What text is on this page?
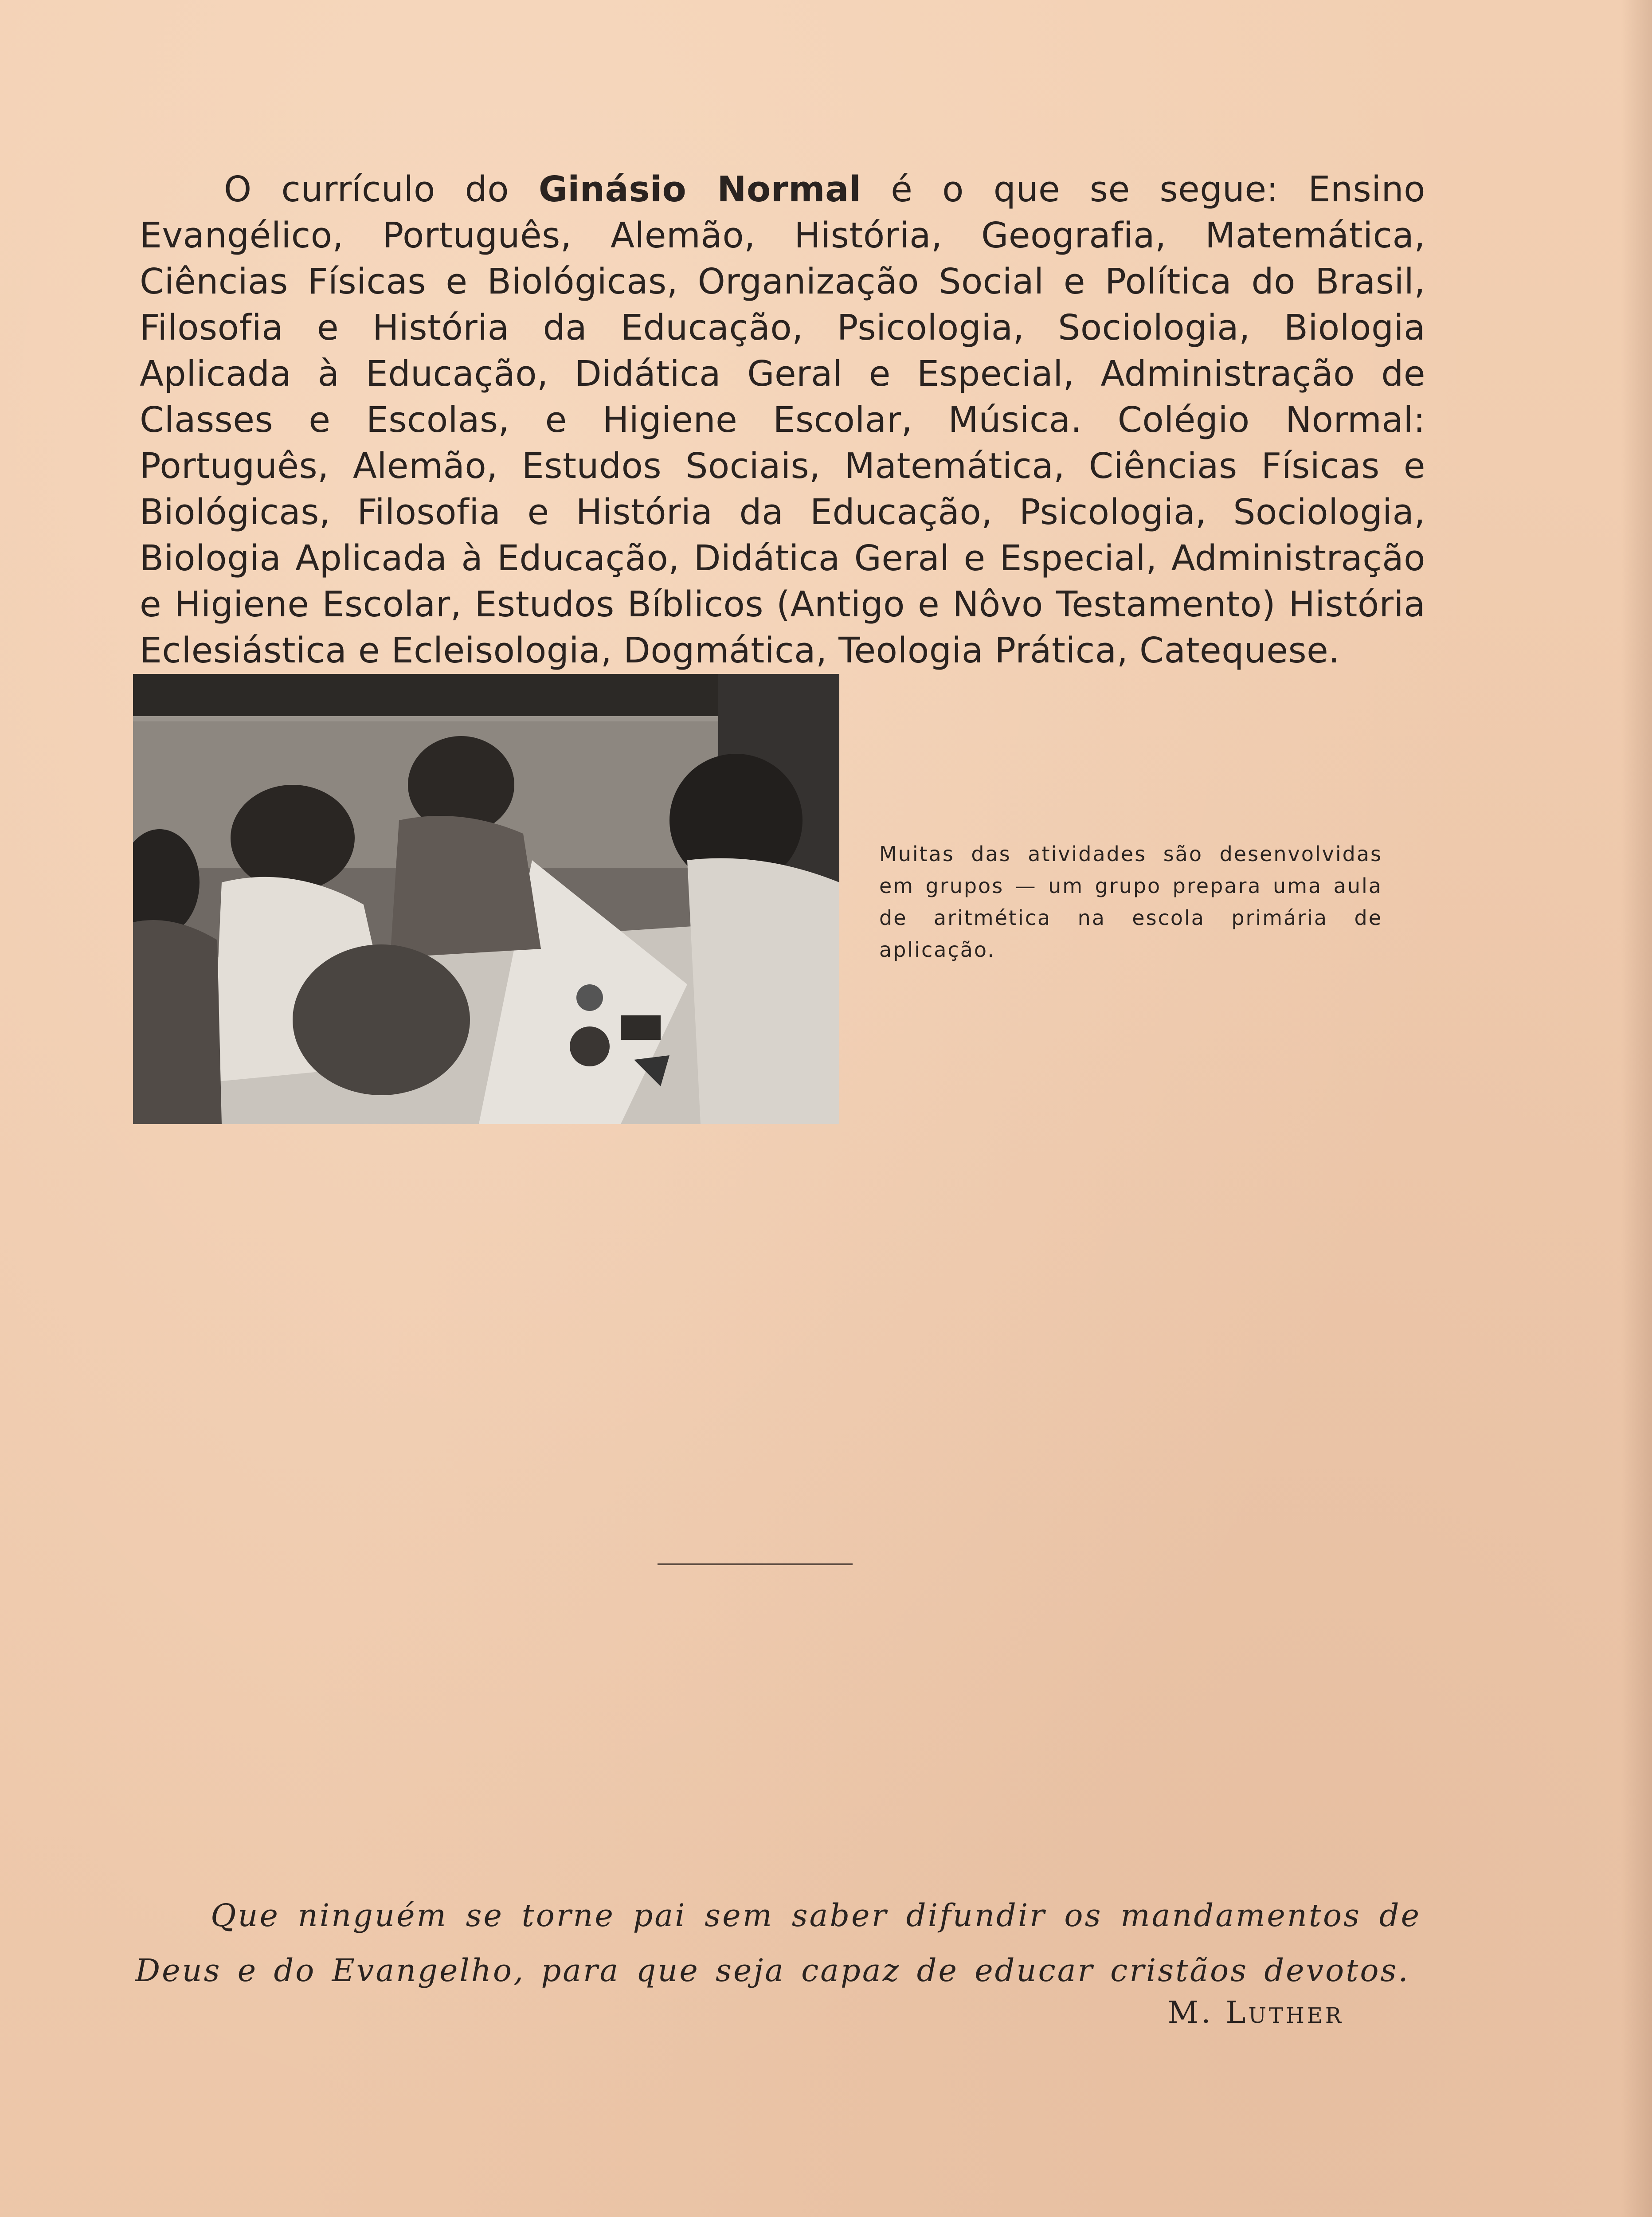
O currículo do Ginásio Normal é o que se segue: Ensino Evangélico, Português, Alemão, História, Geografia, Matemática, Ciências Físicas e Biológicas, Organização Social e Política do Brasil, Filosofia e História da Educação, Psicologia, Sociologia, Biologia Aplicada à Educação, Didática Geral e Especial, Administração de Classes e Escolas, e Higiene Escolar, Música. Colégio Normal: Português, Alemão, Estudos Sociais, Matemática, Ciências Físicas e Biológicas, Filosofia e História da Educação, Psicologia, Sociologia, Biologia Aplicada à Educação, Didática Geral e Especial, Administração e Higiene Escolar, Estudos Bíblicos (Antigo e Nôvo Testamento) História Eclesiástica e Ecleisologia, Dogmática, Teologia Prática, Catequese.

Muitas das atividades são desenvolvidas em grupos — um grupo prepara uma aula de aritmética na escola primária de aplicação.

Que ninguém se torne pai sem saber difundir os mandamentos de Deus e do Evangelho, para que seja capaz de educar cristãos devotos.

M. Luther
